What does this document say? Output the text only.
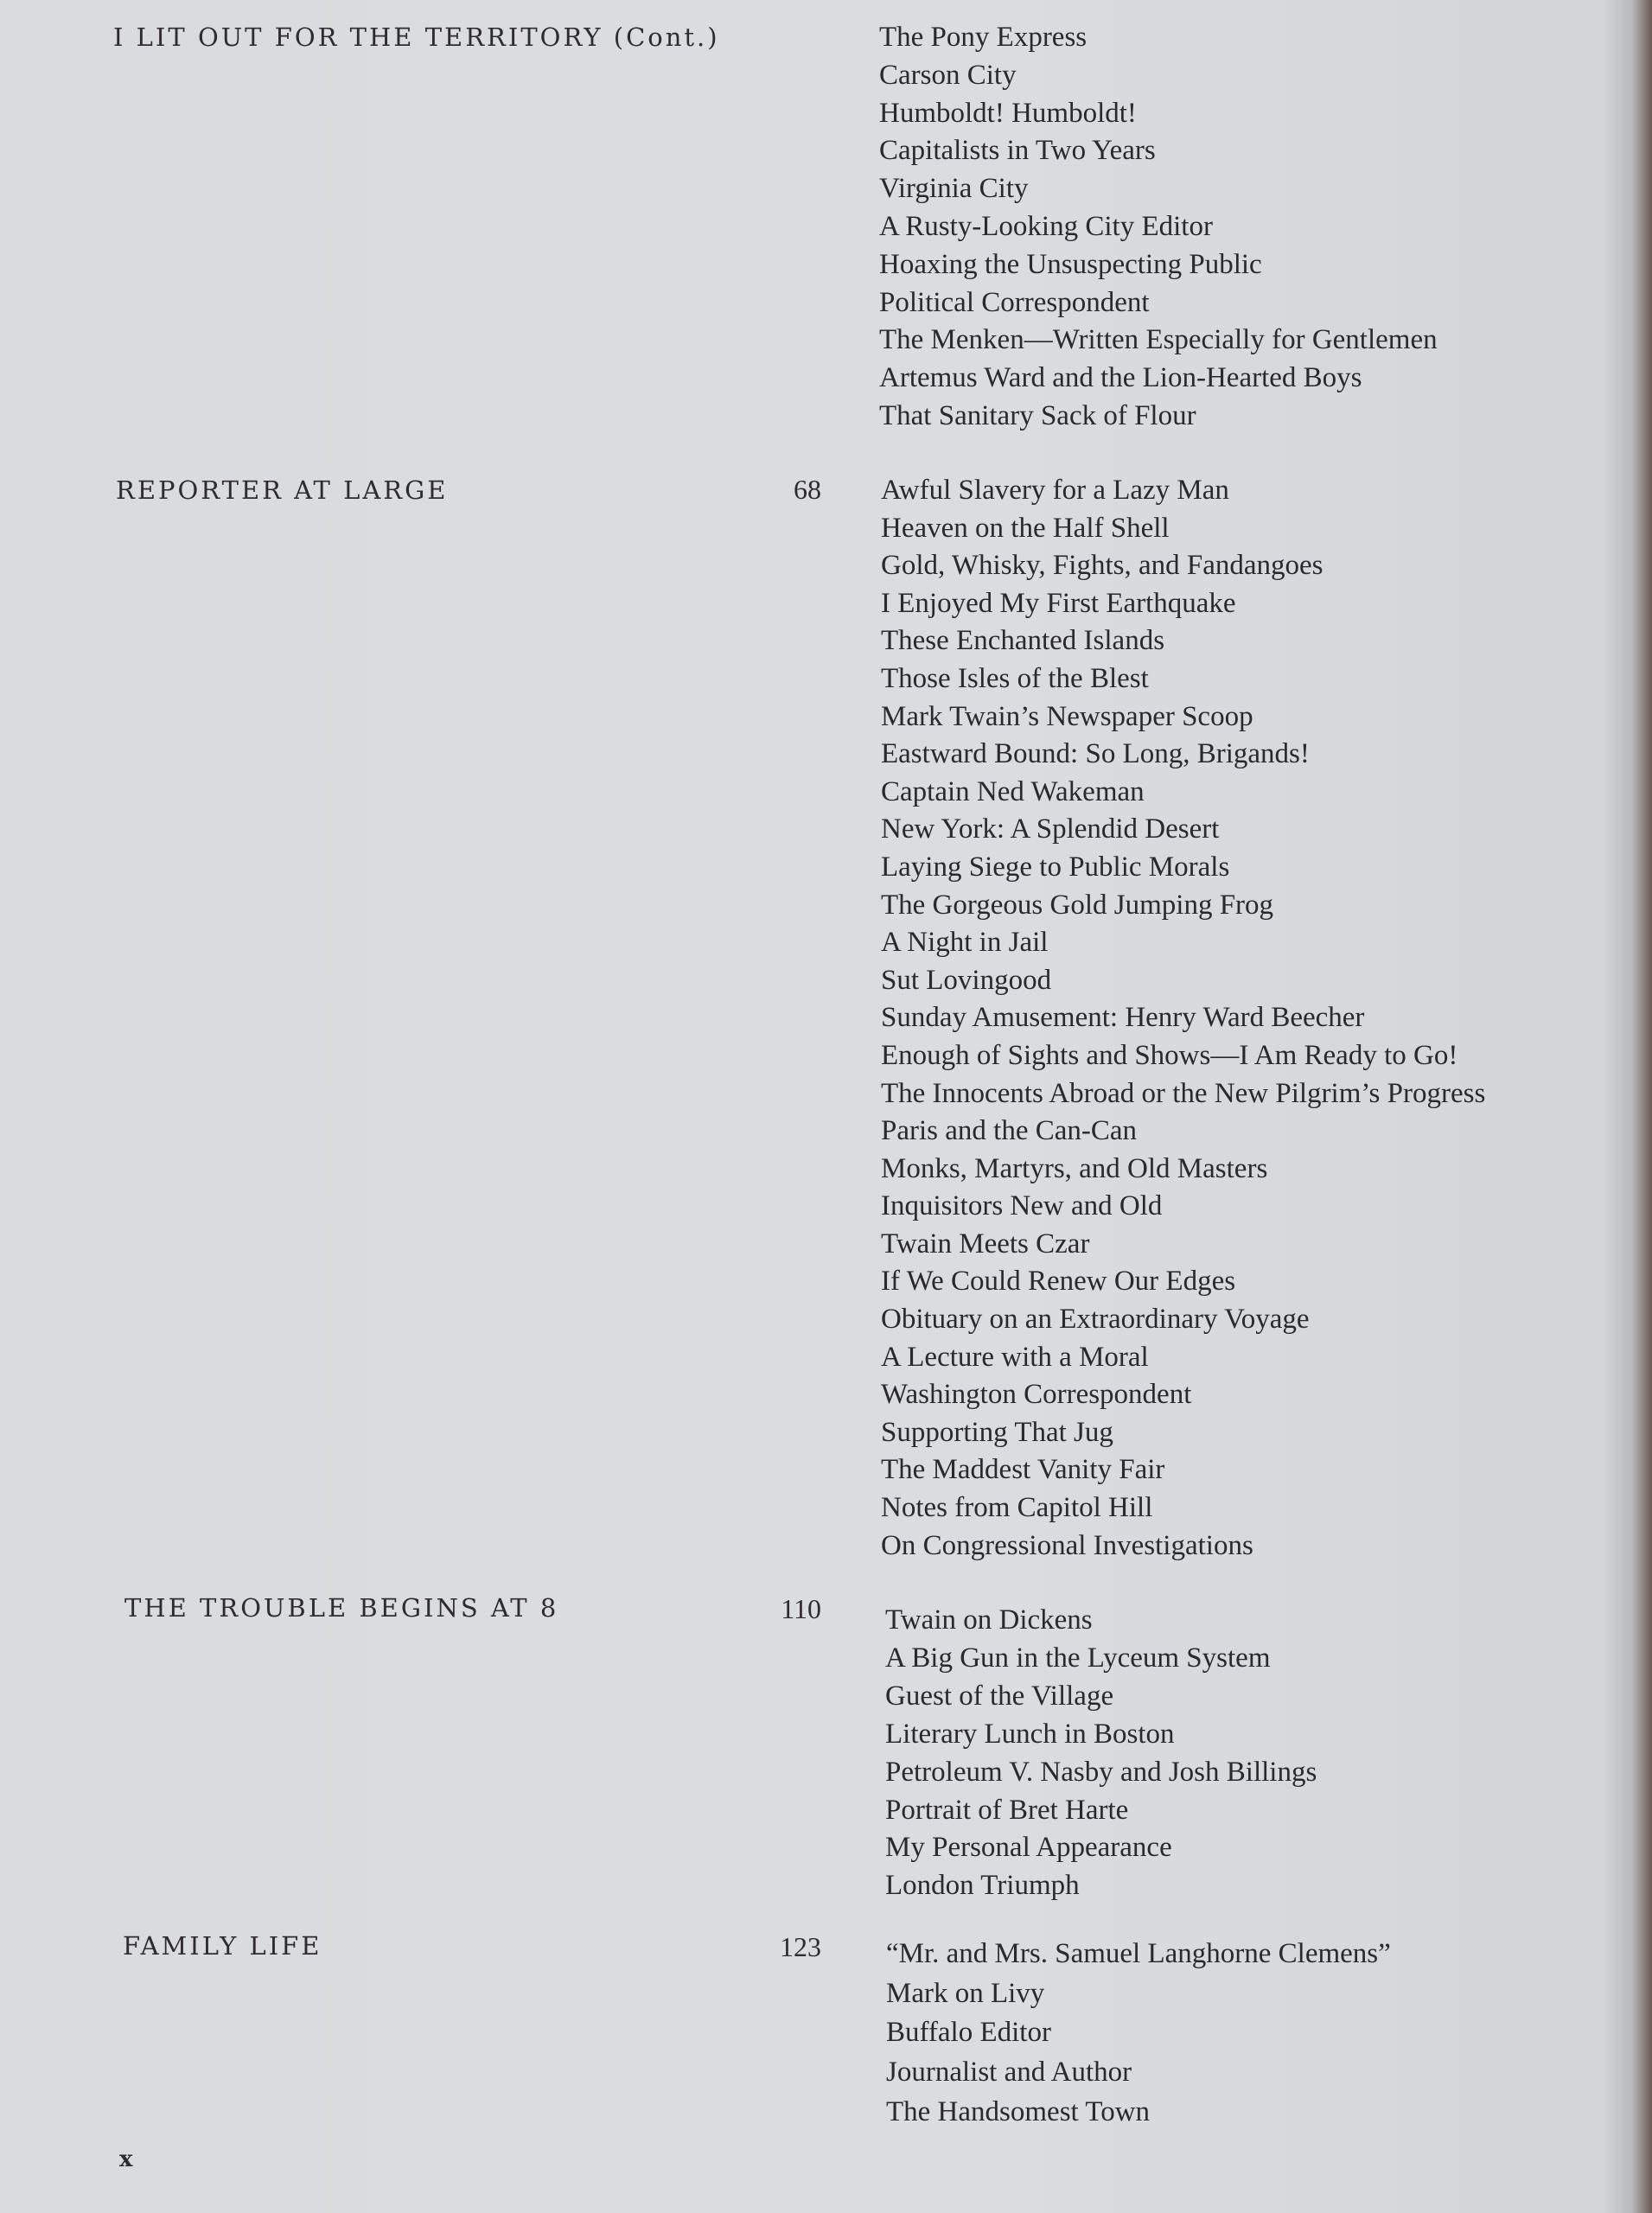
I LIT OUT FOR THE TERRITORY (Cont.)	The Pony Express
Carson City
Humboldt! Humboldt!
Capitalists in Two Years
Virginia City
A Rusty-Looking City Editor
Hoaxing the Unsuspecting Public
Political Correspondent
The Menken—Written Especially for Gentlemen
Artemus Ward and the Lion-Hearted Boys
That Sanitary Sack of Flour
REPORTER AT LARGE	68 Awful Slavery for a Lazy Man
Heaven on the Half Shell
Gold, Whisky, Fights, and Fandangoes
I Enjoyed My First Earthquake
These Enchanted Islands
Those Isles of the Blest
Mark Twain’s Newspaper Scoop
Eastward Bound: So Long, Brigands!
Captain Ned Wakeman
New York: A Splendid Desert
Laying Siege to Public Morals
The Gorgeous Gold Jumping Frog
A Night in Jail
Sut Lovingood
Sunday Amusement: Henry Ward Beecher
Enough of Sights and Shows—I Am Ready to Go!
The Innocents Abroad or the New Pilgrim’s Progress
Paris and the Can-Can
Monks, Martyrs, and Old Masters
Inquisitors New and Old
Twain Meets Czar
If We Could Renew Our Edges
Obituary on an Extraordinary Voyage
A Lecture with a Moral
Washington Correspondent
Supporting That Jug
The Maddest Vanity Fair
Notes from Capitol Hill
On Congressional Investigations
THE TROUBLE BEGINS AT 8	110 Twain on Dickens
A Big Gun in the Lyceum System
Guest of the Village
Literary Lunch in Boston
Petroleum V. Nasby and Josh Billings
Portrait of Bret Harte
My Personal Appearance
London Triumph
FAMILY LIFE	123 “Mr. and Mrs. Samuel Langhorne Clemens”
Mark on Livy
Buffalo Editor
Journalist and Author
The Handsomest Town
x
